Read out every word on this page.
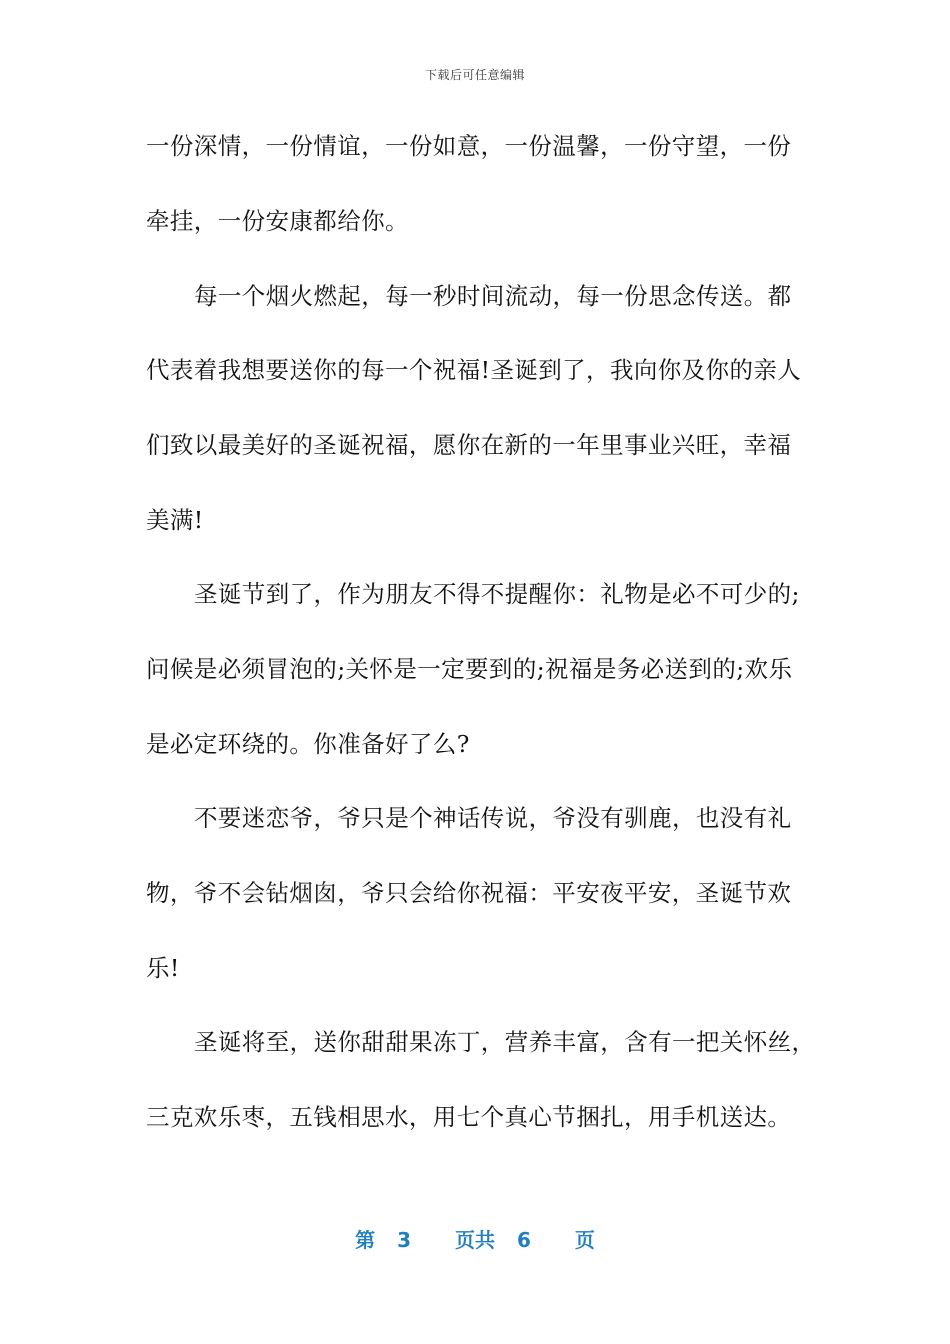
下载后可任意编辑
一份深情，一份情谊，一份如意，一份温馨，一份守望，一份
牵挂，一份安康都给你。
每一个烟火燃起，每一秒时间流动，每一份思念传送。都
代表着我想要送你的每一个祝福!圣诞到了，我向你及你的亲人
们致以最美好的圣诞祝福，愿你在新的一年里事业兴旺，幸福
美满!
圣诞节到了，作为朋友不得不提醒你：礼物是必不可少的;
问候是必须冒泡的;关怀是一定要到的;祝福是务必送到的;欢乐
是必定环绕的。你准备好了么?
不要迷恋爷，爷只是个神话传说，爷没有驯鹿，也没有礼
物，爷不会钻烟囱，爷只会给你祝福：平安夜平安，圣诞节欢
乐!
圣诞将至，送你甜甜果冻丁，营养丰富，含有一把关怀丝，
三克欢乐枣，五钱相思水，用七个真心节捆扎，用手机送达。
第 3 页共 6 页
